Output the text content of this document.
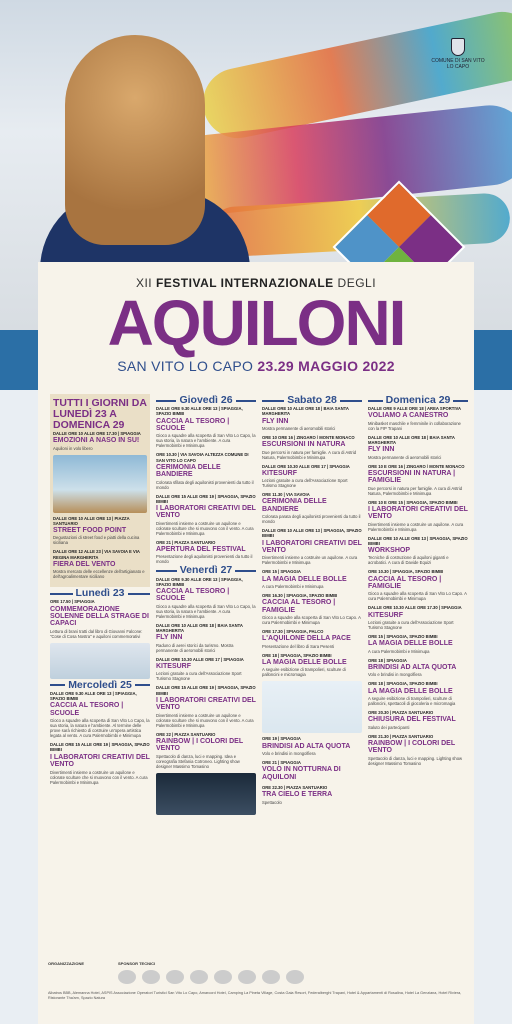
COMUNE DI SAN VITO LO CAPO
XII FESTIVAL INTERNAZIONALE DEGLI
AQUILONI
SAN VITO LO CAPO 23.29 MAGGIO 2022
TUTTI I GIORNI DA LUNEDÌ 23 A DOMENICA 29
DALLE ORE 10 ALLE ORE 17.30 | SPIAGGIA
EMOZIONI A NASO IN SU!
Aquiloni in volo libero
DALLE ORE 10 ALLE ORE 13 | PIAZZA SANTUARIO
STREET FOOD POINT
Degustazioni di street food e piatti della cucina siciliana
DALLE ORE 12 ALLE 23 | VIA SAVOIA E VIA REGINA MARGHERITA
FIERA DEL VENTO
Mostra mercato delle eccellenze dell'artigianato e dell'agroalimentare siciliano
Lunedì 23
ORE 17.50 | SPIAGGIA
COMMEMORAZIONE SOLENNE DELLA STRAGE DI CAPACI
Lettura di brani tratti dal libro di Giovanni Falcone: "Cose di Cosa Nostra" e aquiloni commemorativi
Mercoledì 25
DALLE ORE 9.30 ALLE ORE 13 | SPIAGGIA, SPAZIO BIMBI
CACCIA AL TESORO | SCUOLE
Gioco a squadre alla scoperta di San Vito Lo Capo, la sua storia, la natura e l'ambiente. Al termine delle prove sarà richiesto di costruire un'opera artistica legata al vento. A cura Palermobimbi e Minimupa
DALLE ORE 15 ALLE ORE 19 | SPIAGGIA, SPAZIO BIMBI
I LABORATORI CREATIVI DEL VENTO
Divertimenti insieme a costruire un aquilone e colorate sculture che si muovono con il vento. A cura Palermobimbi e Minimupa
Giovedì 26
DALLE ORE 9.30 ALLE ORE 13 | SPIAGGIA, SPAZIO BIMBI
CACCIA AL TESORO | SCUOLE
Gioco a squadre alla scoperta di San Vito Lo Capo, la sua storia, la natura e l'ambiente. A cura Palermobimbi e Minimupa
ORE 10.30 | VIA SAVOIA ALTEZZA COMUNE DI SAN VITO LO CAPO
CERIMONIA DELLE BANDIERE
Colorata sfilata degli aquilonisti provenienti da tutto il mondo
DALLE ORE 15 ALLE ORE 19 | SPIAGGIA, SPAZIO BIMBI
I LABORATORI CREATIVI DEL VENTO
Divertimenti insieme a costruire un aquilone e colorate sculture che si muovono con il vento. A cura Palermobimbi e Minimupa
ORE 21 | PIAZZA SANTUARIO
APERTURA DEL FESTIVAL
Presentazione degli aquilonisti provenienti da tutto il mondo
Venerdì 27
DALLE ORE 9.30 ALLE ORE 13 | SPIAGGIA, SPAZIO BIMBI
CACCIA AL TESORO | SCUOLE
Gioco a squadre alla scoperta di San Vito Lo Capo, la sua storia, la natura e l'ambiente. A cura Palermobimbi e Minimupa
DALLE ORE 10 ALLE ORE 18 | BAIA SANTA MARGHERITA
FLY INN
Raduno di aerei storici da turismo. Mostra permanente di aeromobili storici
DALLE ORE 10.30 ALLE ORE 17 | SPIAGGIA
KITESURF
Lezioni gratuite a cura dell'Associazione Sport Turismo Stagnone
DALLE ORE 15 ALLE ORE 19 | SPIAGGIA, SPAZIO BIMBI
I LABORATORI CREATIVI DEL VENTO
Divertimenti insieme a costruire un aquilone e colorate sculture che si muovono con il vento. A cura Palermobimbi e Minimupa
ORE 22 | PIAZZA SANTUARIO
RAINBOW | I COLORI DEL VENTO
Spettacolo di danza, luci e mapping. Idea e coreografia Stefania Cotroneo. Lighting show designer Massimo Tomasino
Sabato 28
DALLE ORE 10 ALLE ORE 18 | BAIA SANTA MARGHERITA
FLY INN
Mostra permanente di aeromobili storici
ORE 10 ORE 16 | ZINGARO / MONTE MONACO
ESCURSIONI IN NATURA
Due percorsi in natura per famiglie. A cura di Astrid Natura, Palermobimbi e Minimupa
DALLE ORE 10.30 ALLE ORE 17 | SPIAGGIA
KITESURF
Lezioni gratuite a cura dell'Associazione Sport Turismo Stagnone
ORE 11.30 | VIA SAVOIA
CERIMONIA DELLE BANDIERE
Colorata parata degli aquilonisti provenienti da tutto il mondo
DALLE ORE 10 ALLE ORE 13 | SPIAGGIA, SPAZIO BIMBI
I LABORATORI CREATIVI DEL VENTO
Divertimenti insieme a costruire un aquilone. A cura Palermobimbi e Minimupa
ORE 15 | SPIAGGIA
LA MAGIA DELLE BOLLE
A cura Palermobimbi e Minimupa
ORE 16.30 | SPIAGGIA, SPAZIO BIMBI
CACCIA AL TESORO | FAMIGLIE
Gioco a squadre alla scoperta di San Vito Lo Capo. A cura Palermobimbi e Minimupa
ORE 17.30 | SPIAGGIA, PALCO
L'AQUILONE DELLA PACE
Presentazione del libro di Sara Pesenti
ORE 18 | SPIAGGIA, SPAZIO BIMBI
LA MAGIA DELLE BOLLE
A seguire esibizione di trampolieri, sculture di palloncini e micromagia
ORE 19 | SPIAGGIA
BRINDISI AD ALTA QUOTA
Volo e brindisi in mongolfiera
ORE 21 | SPIAGGIA
VOLO IN NOTTURNA DI AQUILONI
ORE 22.30 | PIAZZA SANTUARIO
TRA CIELO E TERRA
Spettacolo
Domenica 29
DALLE ORE 9 ALLE ORE 18 | AREA SPORTIVA
VOLIAMO A CANESTRO
Minibasket maschile e femminile in collaborazione con la FIP Trapani
DALLE ORE 10 ALLE ORE 18 | BAIA SANTA MARGHERITA
FLY INN
Mostra permanente di aeromobili storici
ORE 10 E ORE 16 | ZINGARO / MONTE MONACO
ESCURSIONI IN NATURA | FAMIGLIE
Due percorsi in natura per famiglie. A cura di Astrid Natura, Palermobimbi e Minimupa
ORE 10 E ORE 15 | SPIAGGIA, SPAZIO BIMBI
I LABORATORI CREATIVI DEL VENTO
Divertimenti insieme a costruire un aquilone. A cura Palermobimbi e Minimupa
DALLE ORE 10 ALLE ORE 13 | SPIAGGIA, SPAZIO BIMBI
WORKSHOP
Tecniche di costruzione di aquiloni giganti e acrobatici. A cura di Davide Equizi
ORE 10.30 | SPIAGGIA, SPAZIO BIMBI
CACCIA AL TESORO | FAMIGLIE
Gioco a squadre alla scoperta di San Vito Lo Capo. A cura Palermobimbi e Minimupa
DALLE ORE 10.30 ALLE ORE 17.30 | SPIAGGIA
KITESURF
Lezioni gratuite a cura dell'Associazione Sport Turismo Stagnone
ORE 15 | SPIAGGIA, SPAZIO BIMBI
LA MAGIA DELLE BOLLE
A cura Palermobimbi e Minimupa
ORE 18 | SPIAGGIA
BRINDISI AD ALTA QUOTA
Volo e brindisi in mongolfiera
ORE 18 | SPIAGGIA, SPAZIO BIMBI
LA MAGIA DELLE BOLLE
A seguire esibizione di trampolieri, sculture di palloncini, spettacoli di giocoleria e micromagia
ORE 20.30 | PIAZZA SANTUARIO
CHIUSURA DEL FESTIVAL
Saluto dei partecipanti
ORE 21.30 | PIAZZA SANTUARIO
RAINBOW | I COLORI DEL VENTO
Spettacolo di danza, luci e mapping. Lighting show designer Massimo Tomasino
ORGANIZZAZIONE	SPONSOR TECNICI
Albatros BBB, Alemanna Hotel, ASPIS Associazione Operatori Turistici San Vito Lo Capo, Amarcord Hotel, Camping La Pineta Village, Costa Gaia Resort, Federalberghi Trapani, Hotel & Appartamenti di Rosalina, Hotel La Genziana, Hotel Riviera, Ristorante Tha'am, Spazio Natura
